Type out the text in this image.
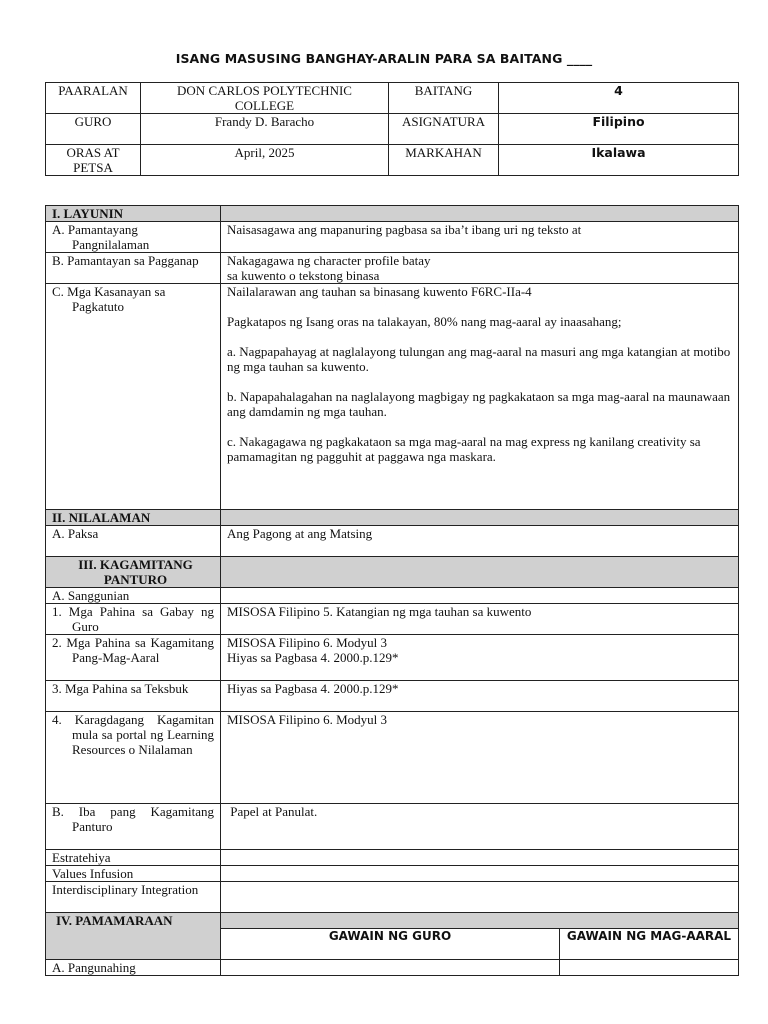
ISANG MASUSING BANGHAY-ARALIN PARA SA BAITANG ____
PAARALAN	DON CARLOS POLYTECHNIC COLLEGE	BAITANG	4
GURO	Frandy D. Baracho	ASIGNATURA	Filipino
ORAS AT PETSA	April, 2025	MARKAHAN	Ikalawa
I. LAYUNIN		
A. Pamantayang Pangnilalaman	Naisasagawa ang mapanuring pagbasa sa iba’t ibang uri ng teksto at	
B. Pamantayan sa Pagganap	Nakagagawa ng character profile batay
sa kuwento o tekstong binasa	

C. Mga Kasanayan sa Pagkatuto	Nailalarawan ang tauhan sa binasang kuwento F6RC-IIa-4

Pagkatapos ng Isang oras na talakayan, 80% nang mag-aaral ay inaasahang;

a. Nagpapahayag at naglalayong tulungan ang mag-aaral na masuri ang mga katangian at motibo ng mga tauhan sa kuwento.

b. Napapahalagahan na naglalayong magbigay ng pagkakataon sa mga mag-aaral na maunawaan ang damdamin ng mga tauhan.

c. Nakagagawa ng pagkakataon sa mga mag-aaral na mag express ng kanilang creativity sa pamamagitan ng pagguhit at paggawa nga maskara.	

II. NILALAMAN		
A. Paksa	Ang Pagong at ang Matsing	
III. KAGAMITANG PANTURO		
A. Sanggunian		
1. Mga Pahina sa Gabay ng Guro	MISOSA Filipino 5. Katangian ng mga tauhan sa kuwento	
2. Mga Pahina sa Kagamitang Pang-Mag-Aaral	MISOSA Filipino 6. Modyul 3
Hiyas sa Pagbasa 4. 2000.p.129*	

3. Mga Pahina sa Teksbuk	Hiyas sa Pagbasa 4. 2000.p.129*	
4. Karagdagang Kagamitan mula sa portal ng Learning Resources o Nilalaman	MISOSA Filipino 6. Modyul 3	
B. Iba pang Kagamitang Panturo	Papel at Panulat.	
Estratehiya		
Values Infusion		
Interdisciplinary Integration		
IV. PAMAMARAAN		
	GAWAIN NG GURO	GAWAIN NG MAG-AARAL
A. Pangunahing		
